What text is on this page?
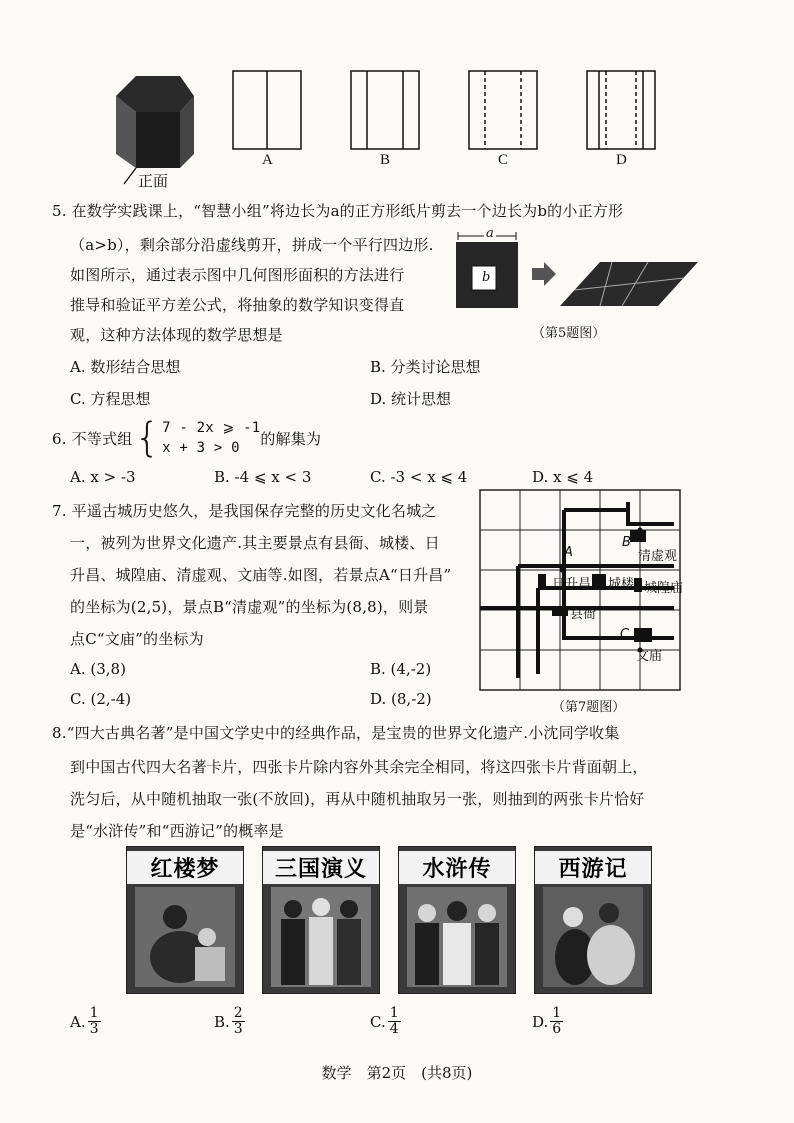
正面
A	B	C	D
5. 在数学实践课上，“智慧小组”将边长为a的正方形纸片剪去一个边长为b的小正方形
（a>b），剩余部分沿虚线剪开，拼成一个平行四边形.
如图所示，通过表示图中几何图形面积的方法进行
推导和验证平方差公式，将抽象的数学知识变得直
观，这种方法体现的数学思想是
a
b
（第5题图）
A. 数形结合思想	B. 分类讨论思想
C. 方程思想	D. 统计思想
6. 不等式组 { 7 - 2x ⩾ -1
x + 3 > 0
的解集为
A. x > -3	B. -4 ⩽ x < 3	C. -3 < x ⩽ 4	D. x ⩽ 4
7. 平遥古城历史悠久，是我国保存完整的历史文化名城之
一，被列为世界文化遗产.其主要景点有县衙、城楼、日
升昌、城隍庙、清虚观、文庙等.如图，若景点A“日升昌”
的坐标为(2,5)，景点B“清虚观”的坐标为(8,8)，则景
点C“文庙”的坐标为
A
B
C
清虚观
日升昌 城楼 城隍庙
县衙
文庙
（第7题图）
A. (3,8)	B. (4,-2)
C. (2,-4)	D. (8,-2)
8.“四大古典名著”是中国文学史中的经典作品，是宝贵的世界文化遗产.小沈同学收集
到中国古代四大名著卡片，四张卡片除内容外其余完全相同，将这四张卡片背面朝上，
洗匀后，从中随机抽取一张(不放回)，再从中随机抽取另一张，则抽到的两张卡片恰好
是“水浒传”和“西游记”的概率是
红楼梦	三国演义	水浒传	西游记
A. $\frac{1}{3}$	B. $\frac{2}{3}$	C. $\frac{1}{4}$	D. $\frac{1}{6}$
数学　第2页　(共8页)
